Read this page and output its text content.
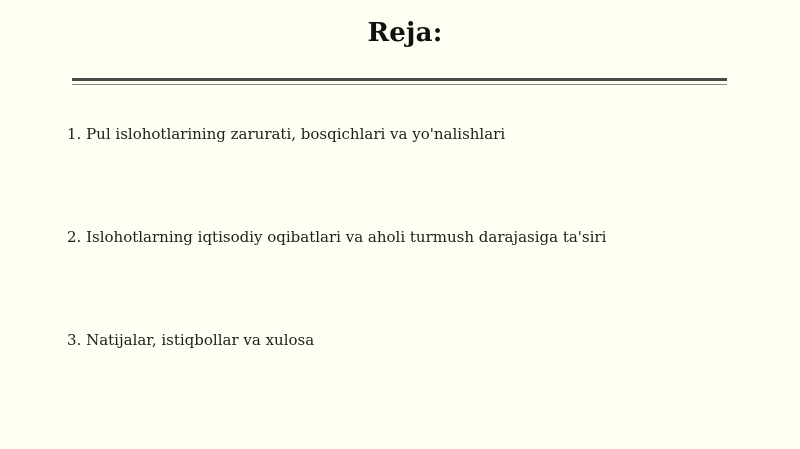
Reja:
1. Pul islohotlarining zarurati, bosqichlari va yo'nalishlari
2. Islohotlarning iqtisodiy oqibatlari va aholi turmush darajasiga ta'siri
3. Natijalar, istiqbollar va xulosa
